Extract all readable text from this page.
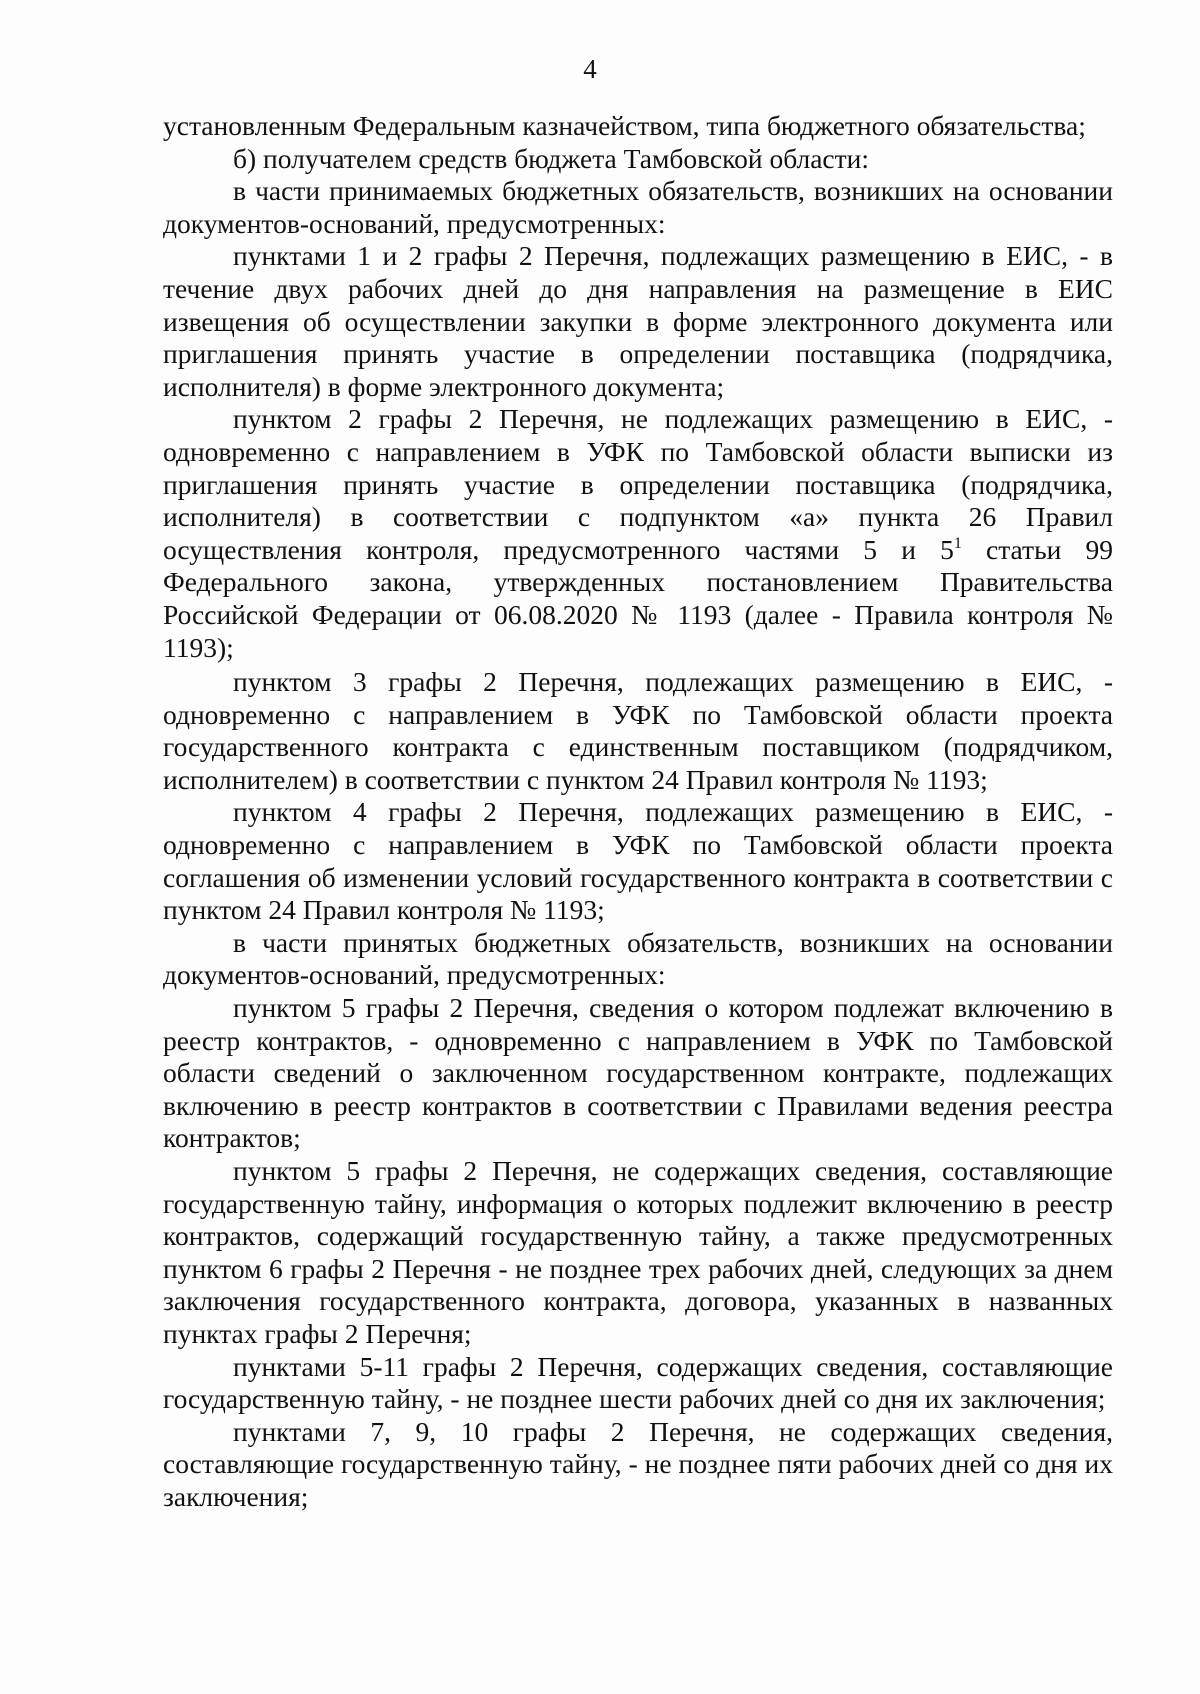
4

установленным Федеральным казначейством, типа бюджетного обязательства;

б) получателем средств бюджета Тамбовской области:

в части принимаемых бюджетных обязательств, возникших на основании документов-оснований, предусмотренных:

пунктами 1 и 2 графы 2 Перечня, подлежащих размещению в ЕИС, - в течение двух рабочих дней до дня направления на размещение в ЕИС извещения об осуществлении закупки в форме электронного документа или приглашения принять участие в определении поставщика (подрядчика, исполнителя) в форме электронного документа;

пунктом 2 графы 2 Перечня, не подлежащих размещению в ЕИС, - одновременно с направлением в УФК по Тамбовской области выписки из приглашения принять участие в определении поставщика (подрядчика, исполнителя) в соответствии с подпунктом «а» пункта 26 Правил осуществления контроля, предусмотренного частями 5 и $5^1$ статьи 99 Федерального закона, утвержденных постановлением Правительства Российской Федерации от 06.08.2020 № 1193 (далее - Правила контроля № 1193);

пунктом 3 графы 2 Перечня, подлежащих размещению в ЕИС, - одновременно с направлением в УФК по Тамбовской области проекта государственного контракта с единственным поставщиком (подрядчиком, исполнителем) в соответствии с пунктом 24 Правил контроля № 1193;

пунктом 4 графы 2 Перечня, подлежащих размещению в ЕИС, - одновременно с направлением в УФК по Тамбовской области проекта соглашения об изменении условий государственного контракта в соответствии с пунктом 24 Правил контроля № 1193;

в части принятых бюджетных обязательств, возникших на основании документов-оснований, предусмотренных:

пунктом 5 графы 2 Перечня, сведения о котором подлежат включению в реестр контрактов, - одновременно с направлением в УФК по Тамбовской области сведений о заключенном государственном контракте, подлежащих включению в реестр контрактов в соответствии с Правилами ведения реестра контрактов;

пунктом 5 графы 2 Перечня, не содержащих сведения, составляющие государственную тайну, информация о которых подлежит включению в реестр контрактов, содержащий государственную тайну, а также предусмотренных пунктом 6 графы 2 Перечня - не позднее трех рабочих дней, следующих за днем заключения государственного контракта, договора, указанных в названных пунктах графы 2 Перечня;

пунктами 5-11 графы 2 Перечня, содержащих сведения, составляющие государственную тайну, - не позднее шести рабочих дней со дня их заключения;

пунктами 7, 9, 10 графы 2 Перечня, не содержащих сведения, составляющие государственную тайну, - не позднее пяти рабочих дней со дня их заключения;
